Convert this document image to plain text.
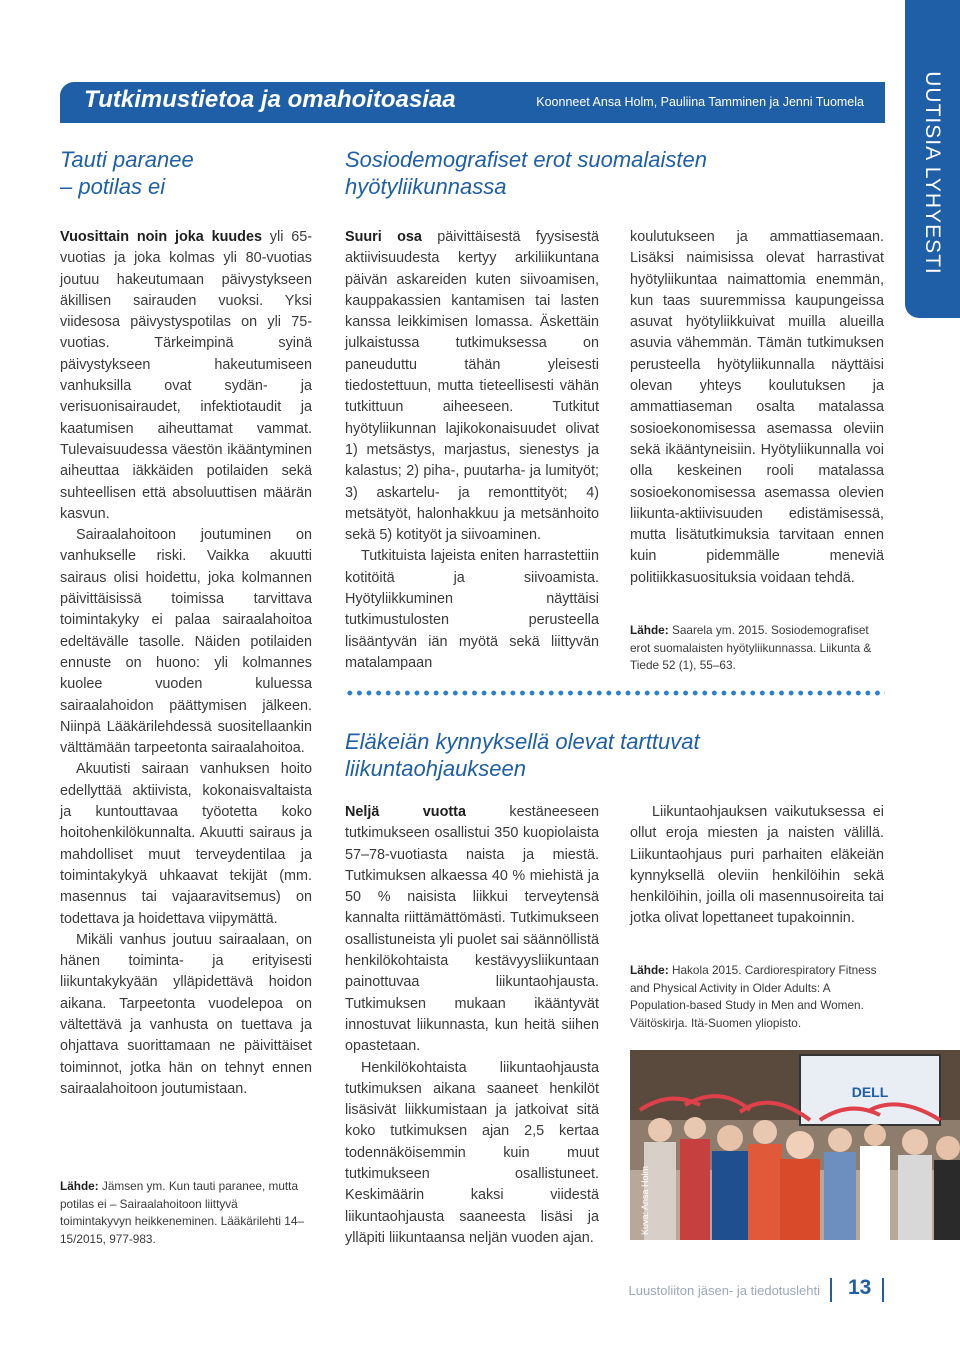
Tutkimustietoa ja omahoitoasiaa	Koonneet Ansa Holm, Pauliina Tamminen ja Jenni Tuomela	UUTISIA LYHYESTI
Tauti paranee
– potilas ei

Vuosittain noin joka kuudes yli 65-vuotias ja joka kolmas yli 80-vuotias joutuu hakeutumaan päivystykseen äkillisen sairauden vuoksi. Yksi viidesosa päivystyspotilas on yli 75-vuotias. Tärkeimpinä syinä päivystykseen hakeutumiseen vanhuksilla ovat sydän- ja verisuonisairaudet, infektiotaudit ja kaatumisen aiheuttamat vammat. Tulevaisuudessa väestön ikääntyminen aiheuttaa iäkkäiden potilaiden sekä suhteellisen että absoluuttisen määrän kasvun.

Sairaalahoitoon joutuminen on vanhukselle riski. Vaikka akuutti sairaus olisi hoidettu, joka kolmannen päivittäisissä toimissa tarvittava toimintakyky ei palaa sairaalahoitoa edeltävälle tasolle. Näiden potilaiden ennuste on huono: yli kolmannes kuolee vuoden kuluessa sairaalahoidon päättymisen jälkeen. Niinpä Lääkärilehdessä suositellaankin välttämään tarpeetonta sairaalahoitoa.

Akuutisti sairaan vanhuksen hoito edellyttää aktiivista, kokonaisvaltaista ja kuntouttavaa työotetta koko hoitohenkilökunnalta. Akuutti sairaus ja mahdolliset muut terveydentilaa ja toimintakykyä uhkaavat tekijät (mm. masennus tai vajaaravitsemus) on todettava ja hoidettava viipymättä.

Mikäli vanhus joutuu sairaalaan, on hänen toiminta- ja erityisesti liikuntakykyään ylläpidettävä hoidon aikana. Tarpeetonta vuodelepoa on vältettävä ja vanhusta on tuettava ja ohjattava suorittamaan ne päivittäiset toiminnot, jotka hän on tehnyt ennen sairaalahoitoon joutumistaan.

Lähde: Jämsen ym. Kun tauti paranee, mutta potilas ei – Sairaalahoitoon liittyvä toimintakyvyn heikkeneminen. Lääkärilehti 14–15/2015, 977-983.
Sosiodemografiset erot suomalaisten
hyötyliikunnassa

Suuri osa päivittäisestä fyysisestä aktiivisuudesta kertyy arkiliikuntana päivän askareiden kuten siivoamisen, kauppakassien kantamisen tai lasten kanssa leikkimisen lomassa. Äskettäin julkaistussa tutkimuksessa on paneuduttu tähän yleisesti tiedostettuun, mutta tieteellisesti vähän tutkittuun aiheeseen. Tutkitut hyötyliikunnan lajikokonaisuudet olivat 1) metsästys, marjastus, sienestys ja kalastus; 2) piha-, puutarha- ja lumityöt; 3) askartelu- ja remonttityöt; 4) metsätyöt, halonhakkuu ja metsänhoito sekä 5) kotityöt ja siivoaminen.

Tutkituista lajeista eniten harrastettiin kotitöitä ja siivoamista. Hyötyliikkuminen näyttäisi tutkimustulosten perusteella lisääntyvän iän myötä sekä liittyvän matalampaan

koulutukseen ja ammattiasemaan. Lisäksi naimisissa olevat harrastivat hyötyliikuntaa naimattomia enemmän, kun taas suuremmissa kaupungeissa asuvat hyötyliikkuivat muilla alueilla asuvia vähemmän. Tämän tutkimuksen perusteella hyötyliikunnalla näyttäisi olevan yhteys koulutuksen ja ammattiaseman osalta matalassa sosioekonomisessa asemassa oleviin sekä ikääntyneisiin. Hyötyliikunnalla voi olla keskeinen rooli matalassa sosioekonomisessa asemassa olevien liikunta-aktiivisuuden edistämisessä, mutta lisätutkimuksia tarvitaan ennen kuin pidemmälle meneviä politiikkasuosituksia voidaan tehdä.

Lähde: Saarela ym. 2015. Sosiodemografiset erot suomalaisten hyötyliikunnassa. Liikunta & Tiede 52 (1), 55–63.
Eläkeiän kynnyksellä olevat tarttuvat
liikuntaohjaukseen

Neljä vuotta	kestäneeseen tutkimukseen osallistui 350 kuopiolaista 57–78-vuotiasta naista ja miestä. Tutkimuksen alkaessa 40 % miehistä ja 50 % naisista liikkui terveytensä kannalta riittämättömästi. Tutkimukseen osallistuneista yli puolet sai säännöllistä henkilökohtaista kestävyysliikuntaan painottuvaa liikuntaohjausta. Tutkimuksen mukaan ikääntyvät innostuvat liikunnasta, kun heitä siihen opastetaan.

Henkilökohtaista liikuntaohjausta tutkimuksen aikana saaneet henkilöt lisäsivät liikkumistaan ja jatkoivat sitä koko tutkimuksen ajan 2,5 kertaa todennäköisemmin kuin muut tutkimukseen osallistuneet. Keskimäärin kaksi viidestä liikuntaohjausta saaneesta lisäsi ja ylläpiti liikuntaansa neljän vuoden ajan.

Liikuntaohjauksen vaikutuksessa ei ollut eroja miesten ja naisten välillä. Liikuntaohjaus puri parhaiten eläkeiän kynnyksellä oleviin henkilöihin sekä henkilöihin, joilla oli masennusoireita tai jotka olivat lopettaneet tupakoinnin.

Lähde: Hakola 2015. Cardiorespiratory Fitness and Physical Activity in Older Adults: A Population-based Study in Men and Women. Väitöskirja. Itä-Suomen yliopisto.
DELL
Kuva: Ansa Holm
Luustoliiton jäsen- ja tiedotuslehti 13
